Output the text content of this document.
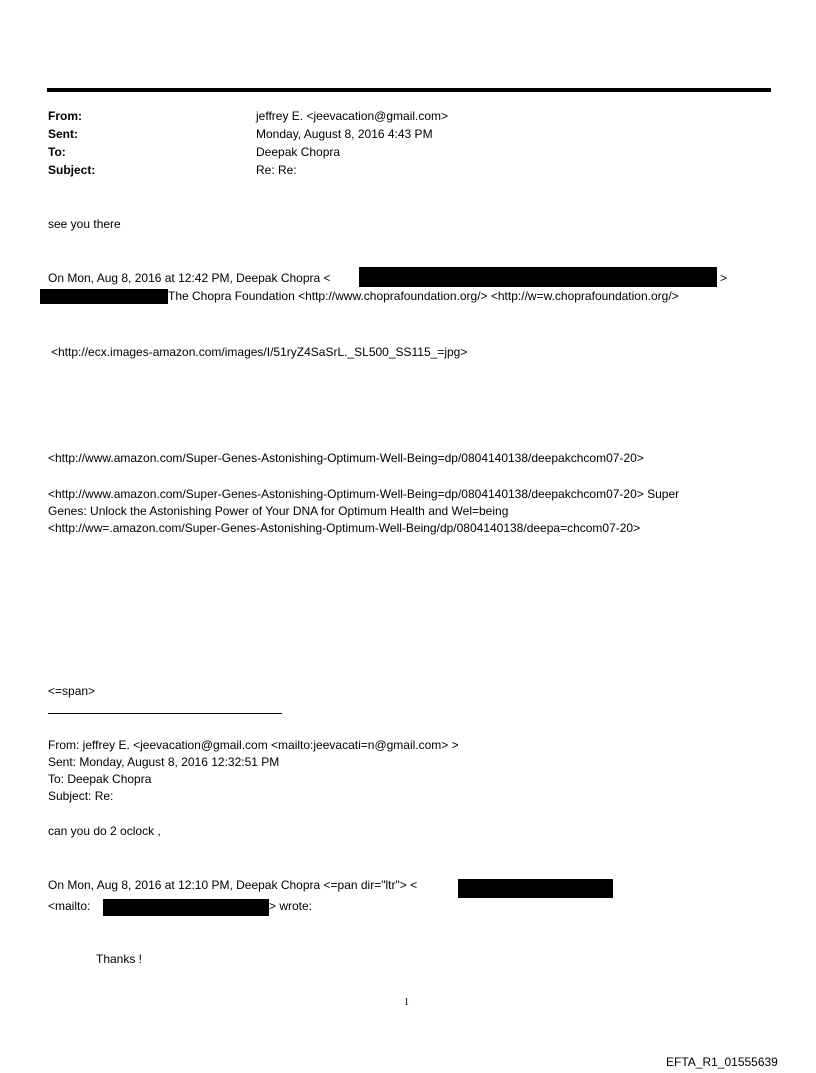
From:	jeffrey E. <jeevacation@gmail.com>
Sent:	Monday, August 8, 2016 4:43 PM
To:	Deepak Chopra
Subject:	Re: Re:
see you there
On Mon, Aug 8, 2016 at 12:42 PM, Deepak Chopra <	>
The Chopra Foundation <http://www.choprafoundation.org/> <http://w=w.choprafoundation.org/>
<http://ecx.images-amazon.com/images/I/51ryZ4SaSrL._SL500_SS115_=jpg>
<http://www.amazon.com/Super-Genes-Astonishing-Optimum-Well-Being=dp/0804140138/deepakchcom07-20>
<http://www.amazon.com/Super-Genes-Astonishing-Optimum-Well-Being=dp/0804140138/deepakchcom07-20> Super
Genes: Unlock the Astonishing Power of Your DNA for Optimum Health and Wel=being
<http://ww=.amazon.com/Super-Genes-Astonishing-Optimum-Well-Being/dp/0804140138/deepa=chcom07-20>
<=span>
From: jeffrey E. <jeevacation@gmail.com <mailto:jeevacati=n@gmail.com> >
Sent: Monday, August 8, 2016 12:32:51 PM
To: Deepak Chopra
Subject: Re:
can you do 2 oclock ,
On Mon, Aug 8, 2016 at 12:10 PM, Deepak Chopra <=pan dir="ltr"> <
<mailto:	> wrote:
Thanks !
1
EFTA_R1_01555639
